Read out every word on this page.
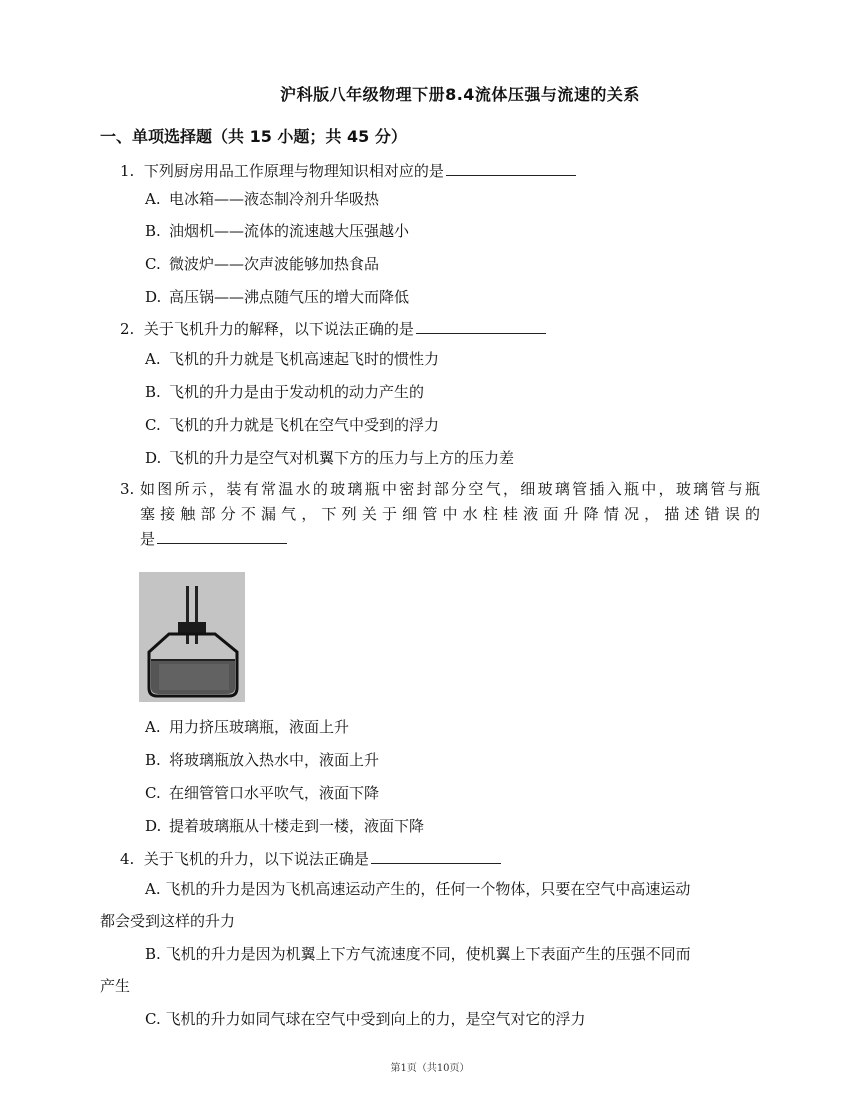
沪科版八年级物理下册8.4流体压强与流速的关系
一、单项选择题（共 15 小题；共 45 分）
1. 下列厨房用品工作原理与物理知识相对应的是
A. 电冰箱——液态制冷剂升华吸热
B. 油烟机——流体的流速越大压强越小
C. 微波炉——次声波能够加热食品
D. 高压锅——沸点随气压的增大而降低
2. 关于飞机升力的解释，以下说法正确的是
A. 飞机的升力就是飞机高速起飞时的惯性力
B. 飞机的升力是由于发动机的动力产生的
C. 飞机的升力就是飞机在空气中受到的浮力
D. 飞机的升力是空气对机翼下方的压力与上方的压力差
3. 如图所示，装有常温水的玻璃瓶中密封部分空气，细玻璃管插入瓶中，玻璃管与瓶
塞接触部分不漏气，下列关于细管中水柱桂液面升降情况，描述错误的
是
A. 用力挤压玻璃瓶，液面上升
B. 将玻璃瓶放入热水中，液面上升
C. 在细管管口水平吹气，液面下降
D. 提着玻璃瓶从十楼走到一楼，液面下降
4. 关于飞机的升力，以下说法正确是
A. 飞机的升力是因为飞机高速运动产生的，任何一个物体，只要在空气中高速运动
都会受到这样的升力
B. 飞机的升力是因为机翼上下方气流速度不同，使机翼上下表面产生的压强不同而
产生
C. 飞机的升力如同气球在空气中受到向上的力，是空气对它的浮力
第1页（共10页）
